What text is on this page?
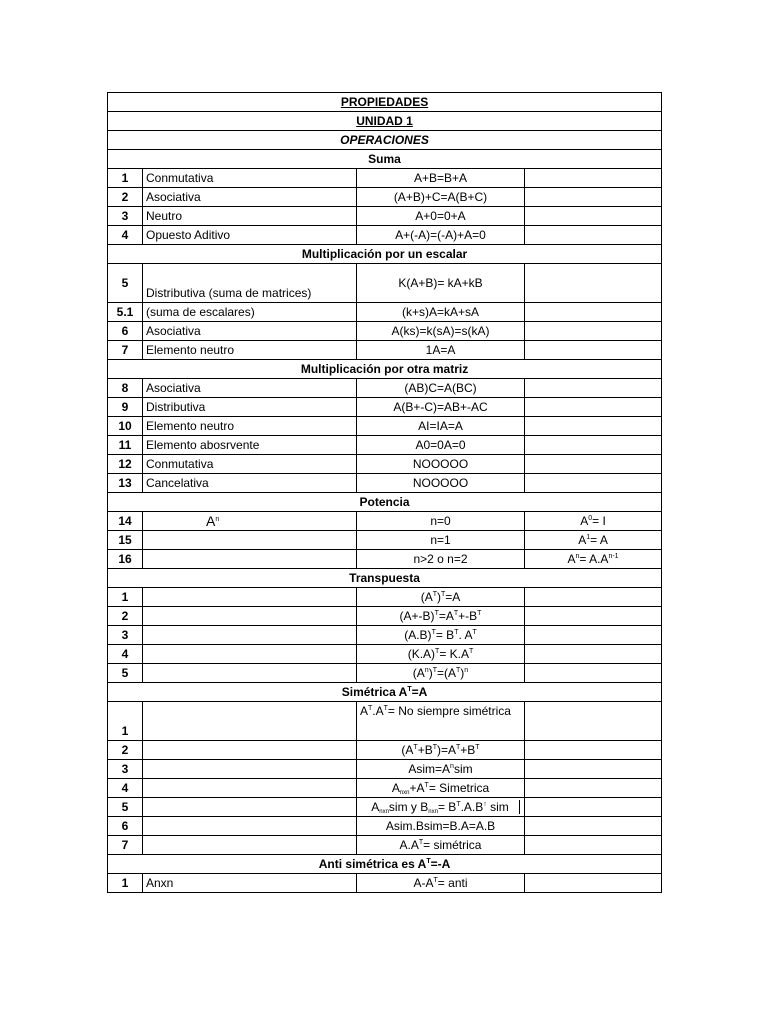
PROPIEDADES			
UNIDAD 1			
OPERACIONES			
Suma			
1	Conmutativa	A+B=B+A	
2	Asociativa	(A+B)+C=A(B+C)	
3	Neutro	A+0=0+A	
4	Opuesto Aditivo	A+(-A)=(-A)+A=0	
Multiplicación por un escalar			
5	Distributiva (suma de matrices)	K(A+B)= kA+kB	
5.1	(suma de escalares)	(k+s)A=kA+sA	
6	Asociativa	A(ks)=k(sA)=s(kA)	
7	Elemento neutro	1A=A	
Multiplicación por otra matriz			
8	Asociativa	(AB)C=A(BC)	
9	Distributiva	A(B+-C)=AB+-AC	
10	Elemento neutro	AI=IA=A	
11	Elemento abosrvente	A0=0A=0	
12	Conmutativa	NOOOOO	
13	Cancelativa	NOOOOO	
Potencia			
14	$A^n$	n=0	$A^0= I$
15		n=1	$A^1= A$
16		n>2 o n=2	$A^n= A.A^{n-1}$
Transpuesta			
1		$(A^T)^T=A$	
2		$(A+-B)^T=A^T+-B^T$	
3		$(A.B)^T= B^T$. $A^T$	
4		$(K.A)^T= K.A^T$	
5		$(A^n)^T=(A^T)^n$	
Simétrica $A^T=A$			
1		$A^T.A^T= No$ siempre simétrica	
2		$(A^T+B^T)=A^T+B^T$	
3		$Asim=A^nsim$	
4		$A_{nxn}+A^T=$ Simetrica	
5		$A_{nxn}sim$ y $B_{nxn}= B^T.A.B^↑$ sim	
6		Asim.Bsim=B.A=A.B	
7		$A.A^T=$ simétrica	
Anti simétrica es $A^T=-A$			
1	Anxn	$A-A^T=$ anti	
